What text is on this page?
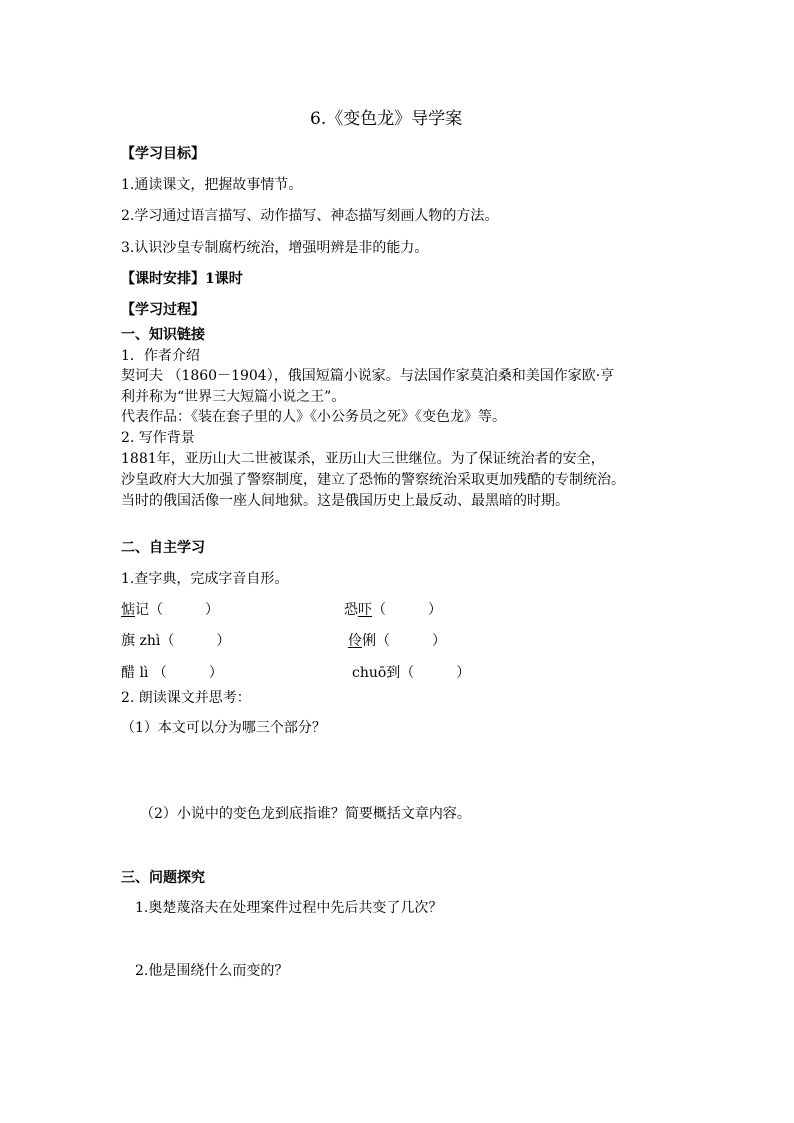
6.《变色龙》导学案
【学习目标】
1.通读课文，把握故事情节。
2.学习通过语言描写、动作描写、神态描写刻画人物的方法。
3.认识沙皇专制腐朽统治，增强明辨是非的能力。
【课时安排】1课时
【学习过程】
一、知识链接
1．作者介绍
契诃夫 （1860－1904），俄国短篇小说家。与法国作家莫泊桑和美国作家欧·亨
利并称为“世界三大短篇小说之王”。
代表作品：《装在套子里的人》《小公务员之死》《变色龙》等。
2. 写作背景
1881年，亚历山大二世被谋杀，亚历山大三世继位。为了保证统治者的安全，
沙皇政府大大加强了警察制度，建立了恐怖的警察统治采取更加残酷的专制统治。
当时的俄国活像一座人间地狱。这是俄国历史上最反动、最黑暗的时期。
二、自主学习
1.查字典，完成字音自形。
惦记（　　　）	恐吓（　　　）
旗 zhì（　　　）	伶俐（　　　）
醋 lì （　　　）	chuō到（　　　）
2. 朗读课文并思考：
（1）本文可以分为哪三个部分？
（2）小说中的变色龙到底指谁？简要概括文章内容。
三、问题探究
1.奥楚蔑洛夫在处理案件过程中先后共变了几次？
2.他是围绕什么而变的？
